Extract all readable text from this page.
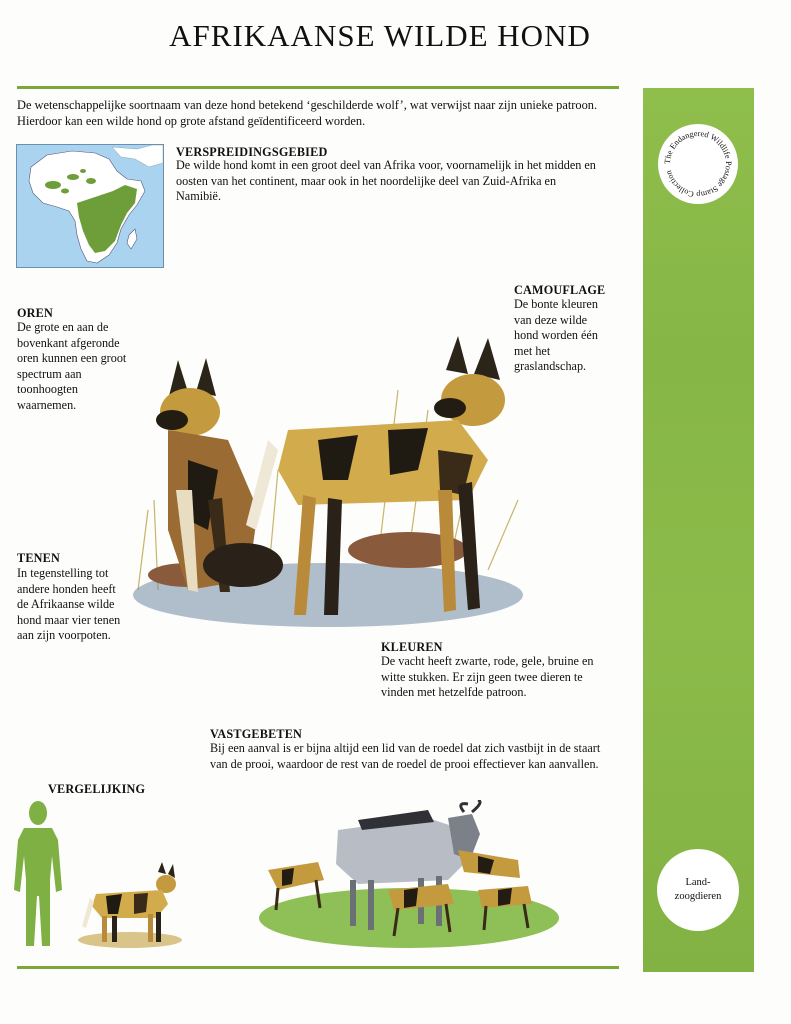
AFRIKAANSE WILDE HOND
De wetenschappelijke soortnaam van deze hond betekend ‘geschilderde wolf’, wat verwijst naar zijn unieke patroon. Hierdoor kan een wilde hond op grote afstand geïdentificeerd worden.
VERSPREIDINGSGEBIED
De wilde hond komt in een groot deel van Afrika voor, voornamelijk in het midden en oosten van het continent, maar ook in het noordelijke deel van Zuid-Afrika en Namibië.
CAMOUFLAGE
De bonte kleuren van deze wilde hond worden één met het graslandschap.
OREN
De grote en aan de bovenkant afgeronde oren kunnen een groot spectrum aan toonhoogten waarnemen.
TENEN
In tegenstelling tot andere honden heeft de Afrikaanse wilde hond maar vier tenen aan zijn voorpoten.
KLEUREN
De vacht heeft zwarte, rode, gele, bruine en witte stukken. Er zijn geen twee dieren te vinden met hetzelfde patroon.
VASTGEBETEN
Bij een aanval is er bijna altijd een lid van de roedel dat zich vastbijt in de staart van de prooi, waardoor de rest van de roedel de prooi effectiever kan aanvallen.
VERGELIJKING
The Endangered Wildlife Postage Stamp Collection
Land-
zoogdieren
